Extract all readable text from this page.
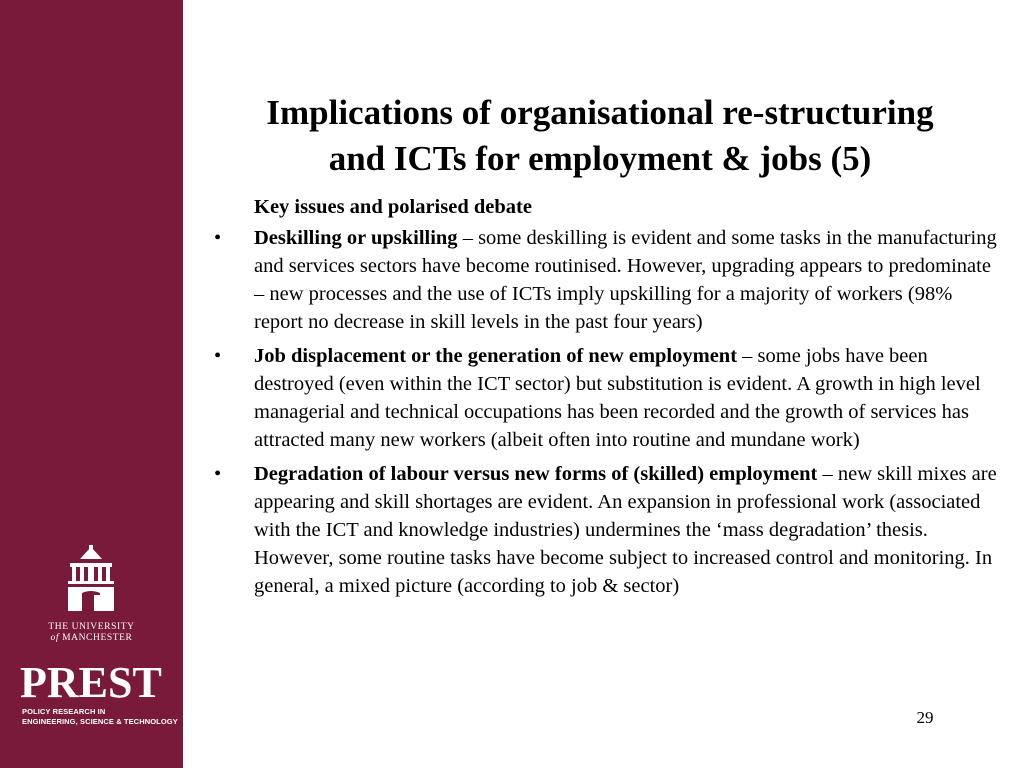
THE UNIVERSITY
of MANCHESTER
PREST
POLICY RESEARCH IN
ENGINEERING, SCIENCE & TECHNOLOGY
Implications of organisational re-structuring
and ICTs for employment & jobs (5)
Key issues and polarised debate
•	Deskilling or upskilling – some deskilling is evident and some tasks in the manufacturing and services sectors have become routinised. However, upgrading appears to predominate – new processes and the use of ICTs imply upskilling for a majority of workers (98% report no decrease in skill levels in the past four years)
•	Job displacement or the generation of new employment – some jobs have been destroyed (even within the ICT sector) but substitution is evident. A growth in high level managerial and technical occupations has been recorded and the growth of services has attracted many new workers (albeit often into routine and mundane work)
•	Degradation of labour versus new forms of (skilled) employment – new skill mixes are appearing and skill shortages are evident. An expansion in professional work (associated with the ICT and knowledge industries) undermines the ‘mass degradation’ thesis. However, some routine tasks have become subject to increased control and monitoring. In general, a mixed picture (according to job & sector)
29
